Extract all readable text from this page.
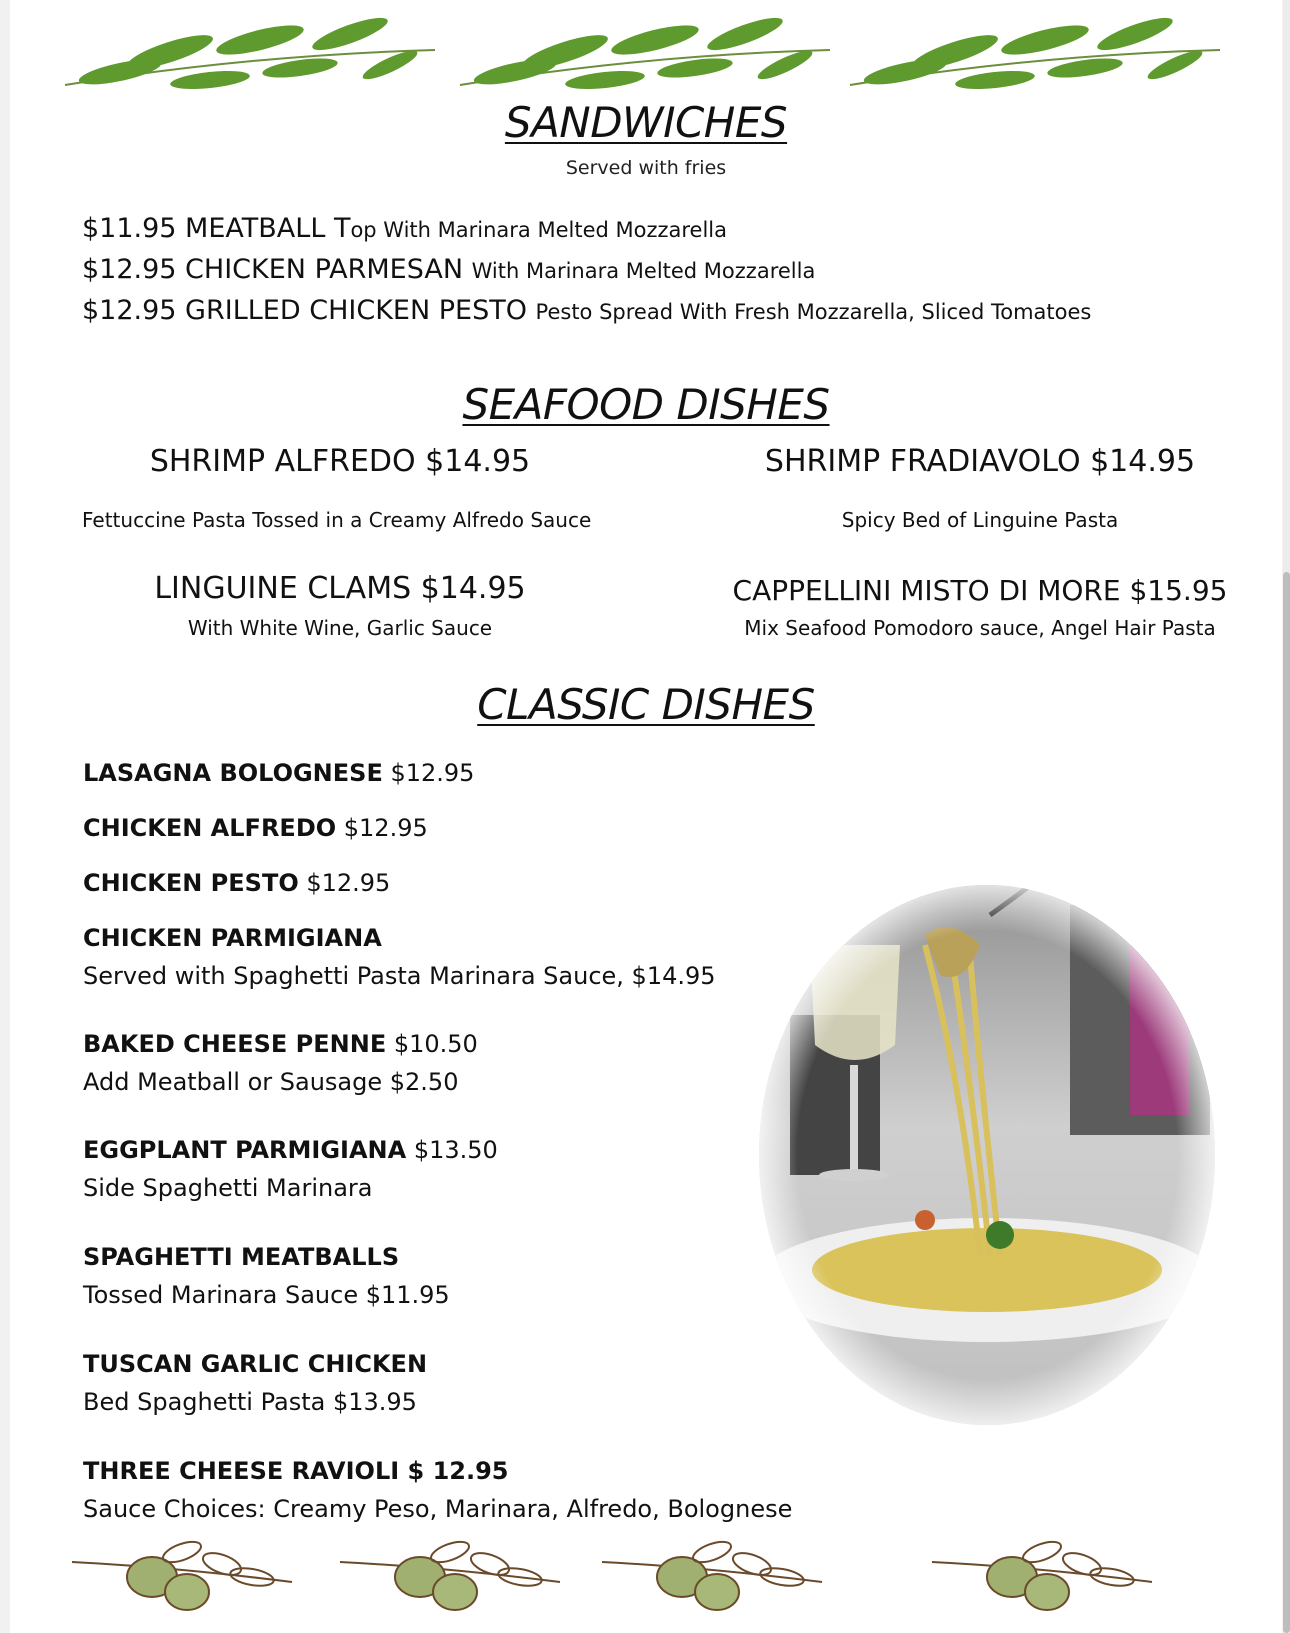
SANDWICHES
Served with fries
$11.95 MEATBALL Top With Marinara Melted Mozzarella
$12.95 CHICKEN PARMESAN With Marinara Melted Mozzarella
$12.95 GRILLED CHICKEN PESTO Pesto Spread With Fresh Mozzarella, Sliced Tomatoes
SEAFOOD DISHES
SHRIMP ALFREDO $14.95
Fettuccine Pasta Tossed in a Creamy Alfredo Sauce
SHRIMP FRADIAVOLO $14.95
Spicy Bed of Linguine Pasta
LINGUINE CLAMS $14.95
With White Wine, Garlic Sauce
CAPPELLINI MISTO DI MORE $15.95
Mix Seafood Pomodoro sauce, Angel Hair Pasta
CLASSIC DISHES
LASAGNA BOLOGNESE $12.95
CHICKEN ALFREDO $12.95
CHICKEN PESTO $12.95
CHICKEN PARMIGIANA
Served with Spaghetti Pasta Marinara Sauce, $14.95
BAKED CHEESE PENNE $10.50
Add Meatball or Sausage $2.50
EGGPLANT PARMIGIANA $13.50
Side Spaghetti Marinara
SPAGHETTI MEATBALLS
Tossed Marinara Sauce $11.95
TUSCAN GARLIC CHICKEN
Bed Spaghetti Pasta $13.95
THREE CHEESE RAVIOLI $ 12.95
Sauce Choices: Creamy Peso, Marinara, Alfredo, Bolognese
